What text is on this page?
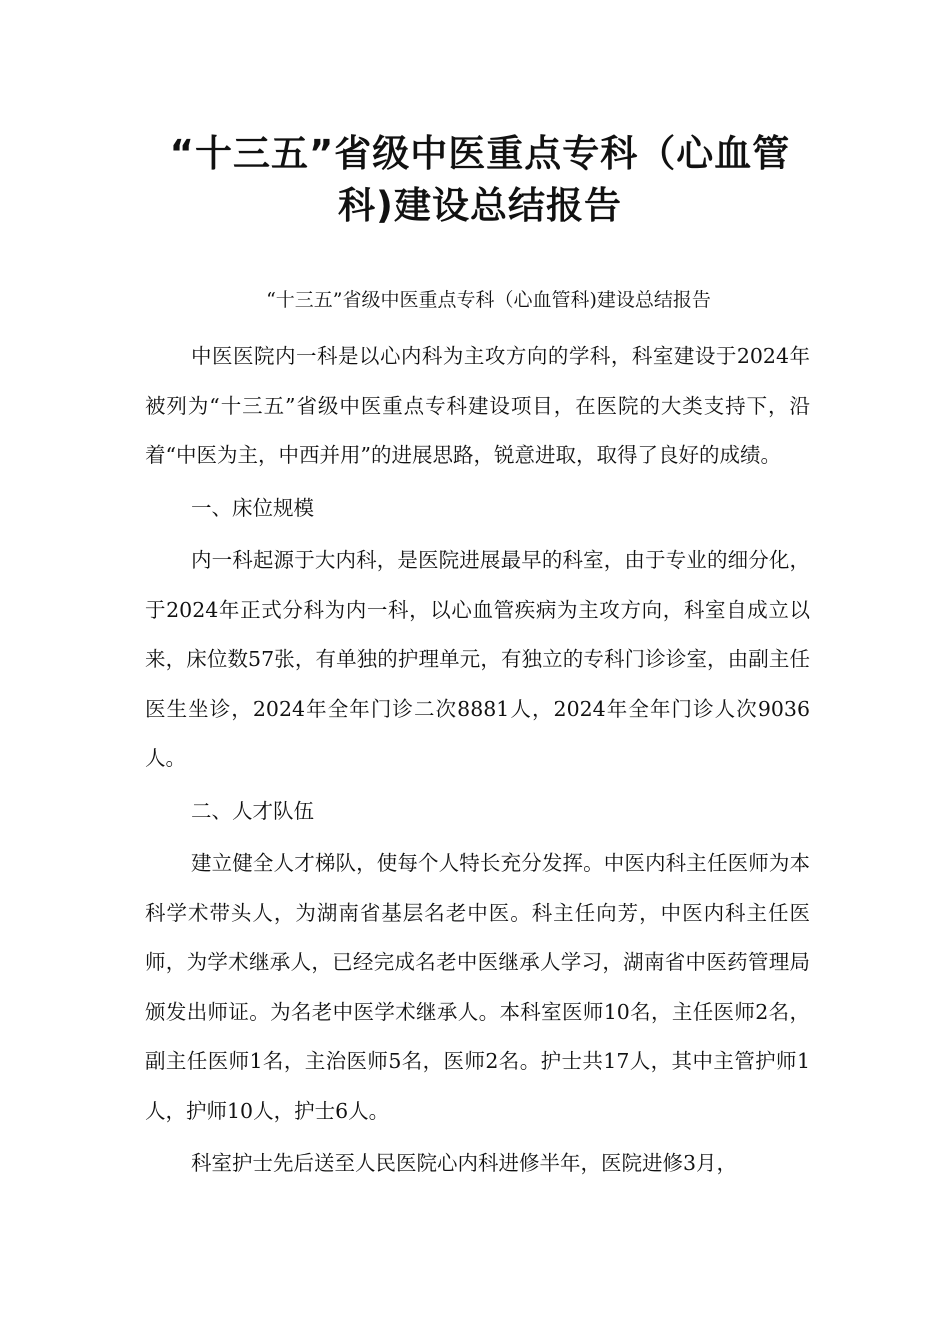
“十三五”省级中医重点专科（心血管
科)建设总结报告

“十三五”省级中医重点专科（心血管科)建设总结报告

中医医院内一科是以心内科为主攻方向的学科，科室建设于2024年被列为“十三五”省级中医重点专科建设项目，在医院的大类支持下，沿着“中医为主，中西并用”的进展思路，锐意进取，取得了良好的成绩。

一、床位规模

内一科起源于大内科，是医院进展最早的科室，由于专业的细分化，于2024年正式分科为内一科，以心血管疾病为主攻方向，科室自成立以来，床位数57张，有单独的护理单元，有独立的专科门诊诊室，由副主任医生坐诊，2024年全年门诊二次8881人，2024年全年门诊人次9036人。

二、人才队伍

建立健全人才梯队，使每个人特长充分发挥。中医内科主任医师为本科学术带头人，为湖南省基层名老中医。科主任向芳，中医内科主任医师，为学术继承人，已经完成名老中医继承人学习，湖南省中医药管理局颁发出师证。为名老中医学术继承人。本科室医师10名，主任医师2名，副主任医师1名，主治医师5名，医师2名。护士共17人，其中主管护师1人，护师10人，护士6人。

科室护士先后送至人民医院心内科进修半年，医院进修3月，
